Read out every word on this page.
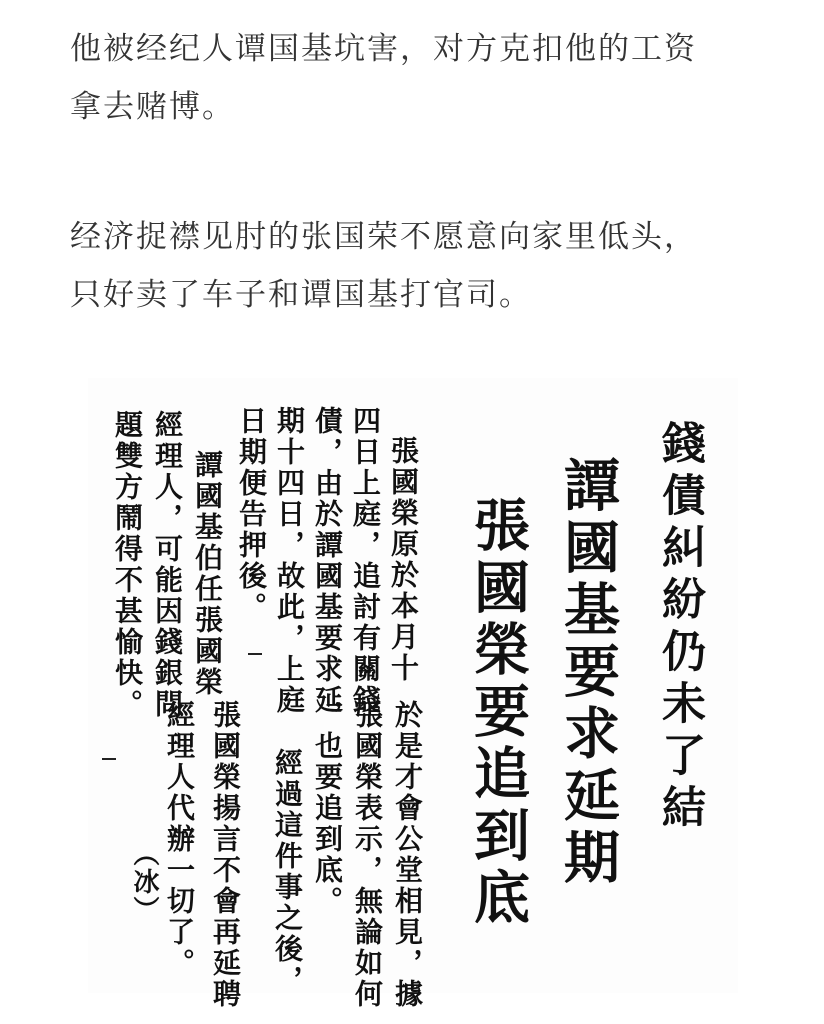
他被经纪人谭国基坑害，对方克扣他的工资
拿去赌博。

经济捉襟见肘的张国荣不愿意向家里低头，
只好卖了车子和谭国基打官司。

錢債糾紛仍未了結
譚國基要求延期
張國榮要追到底
張國榮原於本月十
四日上庭，追討有關錢
債，由於譚國基要求延
期十四日，故此，上庭
日期便告押後。
譚國基伯任張國榮
經理人，可能因錢銀問
題雙方鬧得不甚愉快。
於是才會公堂相見，據
張國榮表示，無論如何
，也要追到底。
經過這件事之後，
張國榮揚言不會再延聘
經理人代辦一切了。
（冰）
